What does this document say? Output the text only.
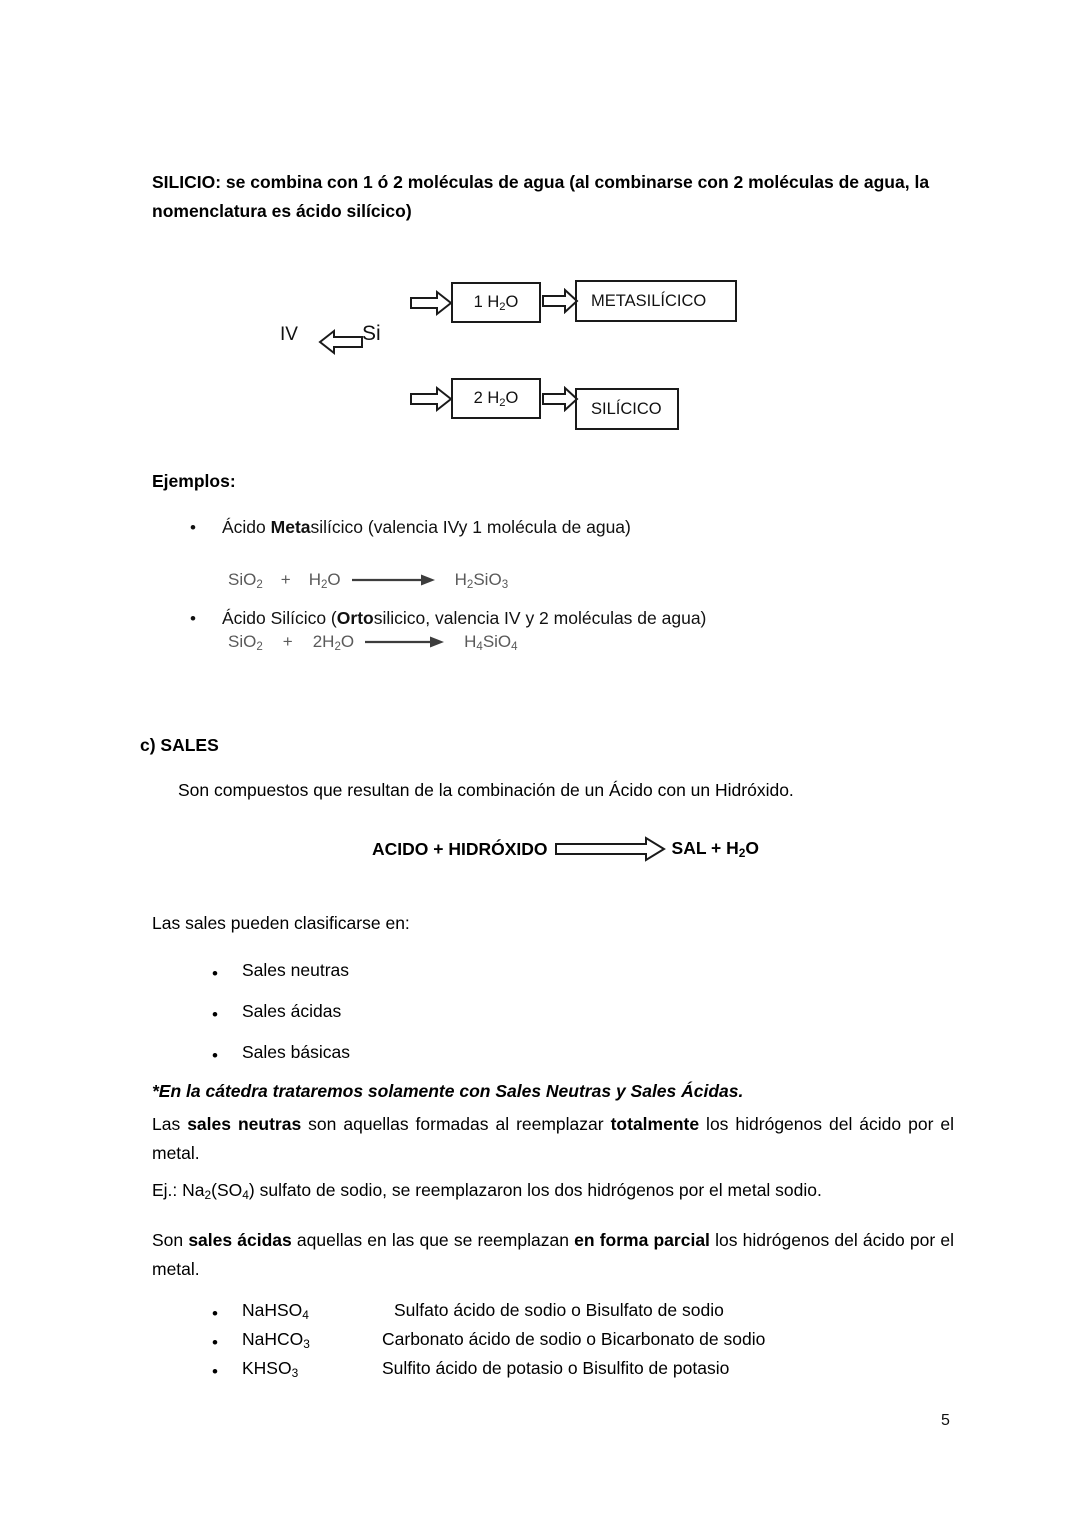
SILICIO: se combina con 1 ó 2 moléculas de agua (al combinarse con 2 moléculas de agua, la nomenclatura es ácido silícico)
IV	Si
1 $H_2O$	METASILÍCICO
2 $H_2O$
SILÍCICO
Ejemplos:
•	Ácido Metasilícico (valencia IVy 1 molécula de agua)
$SiO_2 + H_2O$	$H_2SiO_3$
•	Ácido Silícico (Ortosilicico, valencia IV y 2 moléculas de agua)
$SiO_2 + 2H_2O$	$H_4SiO_4$
c) SALES
Son compuestos que resultan de la combinación de un Ácido con un Hidróxido.
ACIDO + HIDRÓXIDO	SAL + $H_2O$
Las sales pueden clasificarse en:
•	Sales neutras
•	Sales ácidas
•	Sales básicas
*En la cátedra trataremos solamente con Sales Neutras y Sales Ácidas.
Las sales neutras son aquellas formadas al reemplazar totalmente los hidrógenos del ácido por el metal.
Ej.: $Na_2(SO_4)$ sulfato de sodio, se reemplazaron los dos hidrógenos por el metal sodio.
Son sales ácidas aquellas en las que se reemplazan en forma parcial los hidrógenos del ácido por el metal.
•	NaHSO$_4$	Sulfato ácido de sodio o Bisulfato de sodio
•	NaHCO$_3$	Carbonato ácido de sodio o Bicarbonato de sodio
•	$KHSO_3$	Sulfito ácido de potasio o Bisulfito de potasio
5
